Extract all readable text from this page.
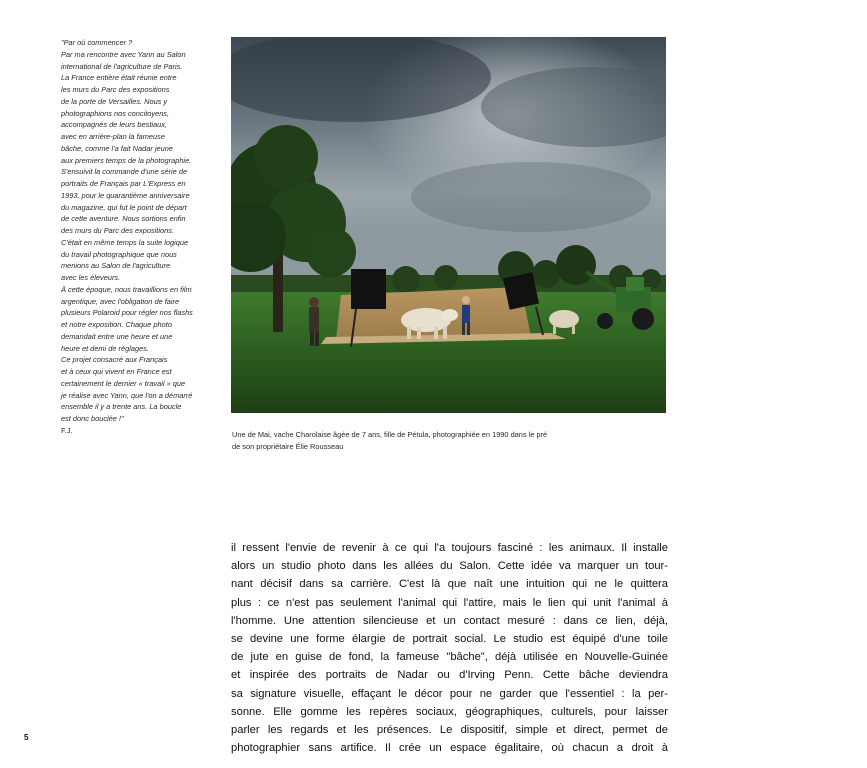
"Par où commencer ?
Par ma rencontre avec Yann au Salon
international de l'agriculture de Paris.
La France entière était réunie entre
les murs du Parc des expositions
de la porte de Versailles. Nous y
photographions nos concitoyens,
accompagnés de leurs bestiaux,
avec en arrière-plan la fameuse
bâche, comme l'a fait Nadar jeune
aux premiers temps de la photographie.
S'ensuivit la commande d'une série de
portraits de Français par L'Express en
1993, pour le quarantième anniversaire
du magazine, qui fut le point de départ
de cette aventure. Nous sortions enfin
des murs du Parc des expositions.
C'était en même temps la suite logique
du travail photographique que nous
menions au Salon de l'agriculture
avec les éleveurs.
À cette époque, nous travaillions en film
argentique, avec l'obligation de faire
plusieurs Polaroid pour régler nos flashs
et notre exposition. Chaque photo
demandait entre une heure et une
heure et demi de réglages.
Ce projet consacré aux Français
et à ceux qui vivent en France est
certainement le dernier « travail » que
je réalise avec Yann, que l'on a démarré
ensemble il y a trente ans. La boucle
est donc bouclée !"
F.J.	Une de Mai, vache Charolaise âgée de 7 ans, fille de Pétula, photographiée en 1990 dans le pré
de son propriétaire Élie Rousseau
il ressent l'envie de revenir à ce qui l'a toujours fasciné : les animaux. Il installe
alors un studio photo dans les allées du Salon. Cette idée va marquer un tour-
nant décisif dans sa carrière. C'est là que naît une intuition qui ne le quittera
plus : ce n'est pas seulement l'animal qui l'attire, mais le lien qui unit l'animal à
l'homme. Une attention silencieuse et un contact mesuré : dans ce lien, déjà,
se devine une forme élargie de portrait social. Le studio est équipé d'une toile
de jute en guise de fond, la fameuse "bâche", déjà utilisée en Nouvelle-Guinée
et inspirée des portraits de Nadar ou d'Irving Penn. Cette bâche deviendra
sa signature visuelle, effaçant le décor pour ne garder que l'essentiel : la per-
sonne. Elle gomme les repères sociaux, géographiques, culturels, pour laisser
parler les regards et les présences. Le dispositif, simple et direct, permet de
photographier sans artifice. Il crée un espace égalitaire, où chacun a droit à
5
